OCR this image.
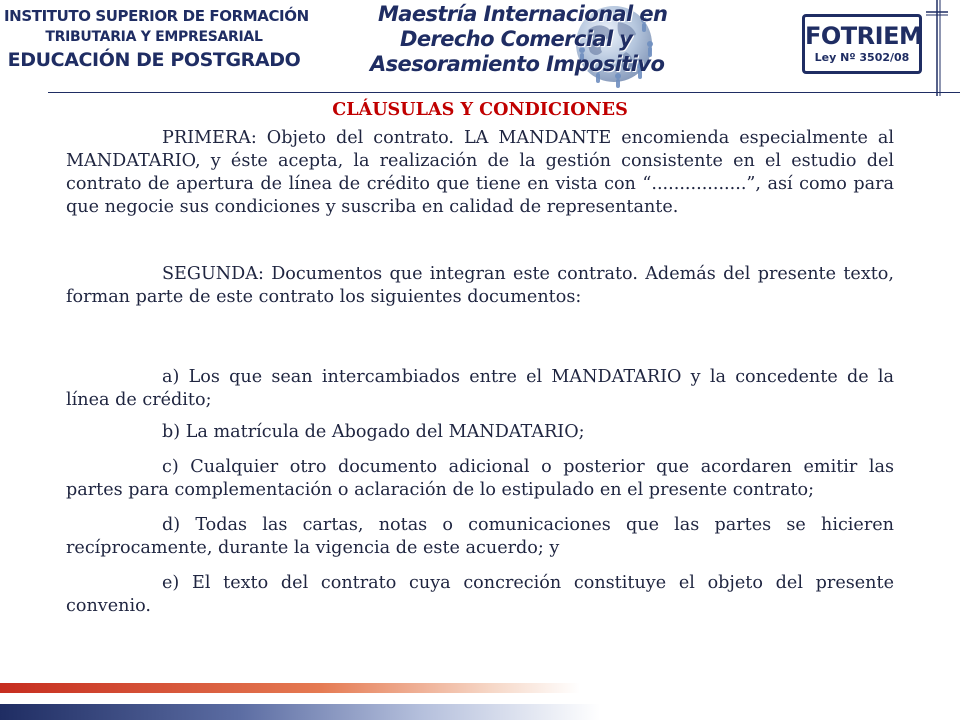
INSTITUTO SUPERIOR DE FORMACIÓN
TRIBUTARIA Y EMPRESARIAL
EDUCACIÓN DE POSTGRADO
Maestría Internacional en
Derecho Comercial y
Asesoramiento Impositivo
FOTRIEM
Ley Nº 3502/08
CLÁUSULAS Y CONDICIONES

PRIMERA: Objeto del contrato. LA MANDANTE encomienda especialmente al MANDATARIO, y éste acepta, la realización de la gestión consistente en el estudio del contrato de apertura de línea de crédito que tiene en vista con “.................”, así como para que negocie sus condiciones y suscriba en calidad de representante.

SEGUNDA: Documentos que integran este contrato. Además del presente texto, forman parte de este contrato los siguientes documentos:

a) Los que sean intercambiados entre el MANDATARIO y la concedente de la línea de crédito;

b) La matrícula de Abogado del MANDATARIO;

c) Cualquier otro documento adicional o posterior que acordaren emitir las partes para complementación o aclaración de lo estipulado en el presente contrato;

d) Todas las cartas, notas o comunicaciones que las partes se hicieren recíprocamente, durante la vigencia de este acuerdo; y

e) El texto del contrato cuya concreción constituye el objeto del presente convenio.
